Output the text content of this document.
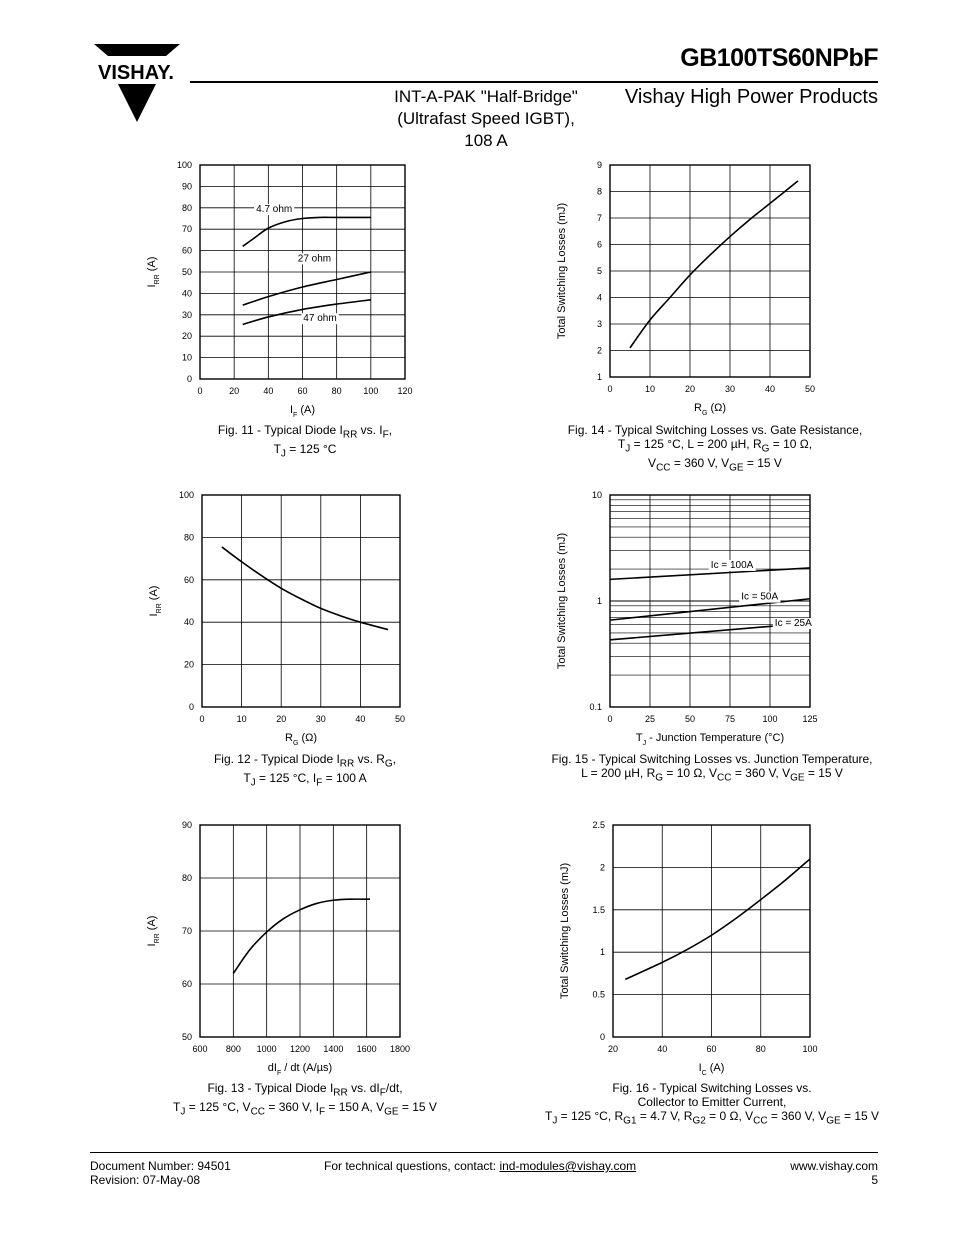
VISHAY.
GB100TS60NPbF
INT-A-PAK "Half-Bridge"
(Ultrafast Speed IGBT),
108 A
Vishay High Power Products
0	20	40	60	80 100 120
0
10
20
30
40
50
60
70
80
90
100
$I_F$ (A)
$I_{RR}$ (A)
4.7 ohm
27 ohm
47 ohm
0	10	20	30	40	50
1
2
3
4
5
6
7
8
9
$R_G$ (Ω)
Total Switching Losses (mJ)
0	10	20	30	40	50
0
20
40
60
80
100
$R_G$ (Ω)
$I_{RR}$ (A)
0	25	50	75	100	125
0.1
1
10
$T_J$ - Junction Temperature (°C)
Total Switching Losses (mJ)	Ic = 100A
Ic = 50A
Ic = 25A
600 800 1000 1200 1400 1600 1800
50
60
70
80
90
$dI_F$ / dt (A/µs)
$I_{RR}$ (A)
20	40	60	80	100
0
0.5
1
1.5
2
2.5
$I_C$ (A)
Total Switching Losses (mJ)
Fig. 11 - Typical Diode $I_{RR}$ vs. $I_F$,
$T_J = 125$ °C
Fig. 14 - Typical Switching Losses vs. Gate Resistance,
$T_J = 125$ °C, L = 200 µH, $R_G = 10$ Ω,
$V_{CC} = 360$ V, $V_{GE} = 15$ V
Fig. 12 - Typical Diode $I_{RR}$ vs. $R_G$,
$T_J = 125$ °C, $I_F = 100$ A
Fig. 15 - Typical Switching Losses vs. Junction Temperature,
L = 200 µH, $R_G = 10$ Ω, $V_{CC} = 360$ V, $V_{GE} = 15$ V
Fig. 13 - Typical Diode $I_{RR}$ vs. $dI_F/dt$,
$T_J = 125$ °C, $V_{CC} = 360$ V, $I_F = 150$ A, $V_{GE} = 15$ V
Fig. 16 - Typical Switching Losses vs.
Collector to Emitter Current,
$T_J = 125$ °C, $R_{G1} = 4.7$ V, $R_{G2} = 0$ Ω, $V_{CC} = 360$ V, $V_{GE} = 15$ V
Document Number: 94501
Revision: 07-May-08
For technical questions, contact: ind-modules@vishay.com	www.vishay.com
5
